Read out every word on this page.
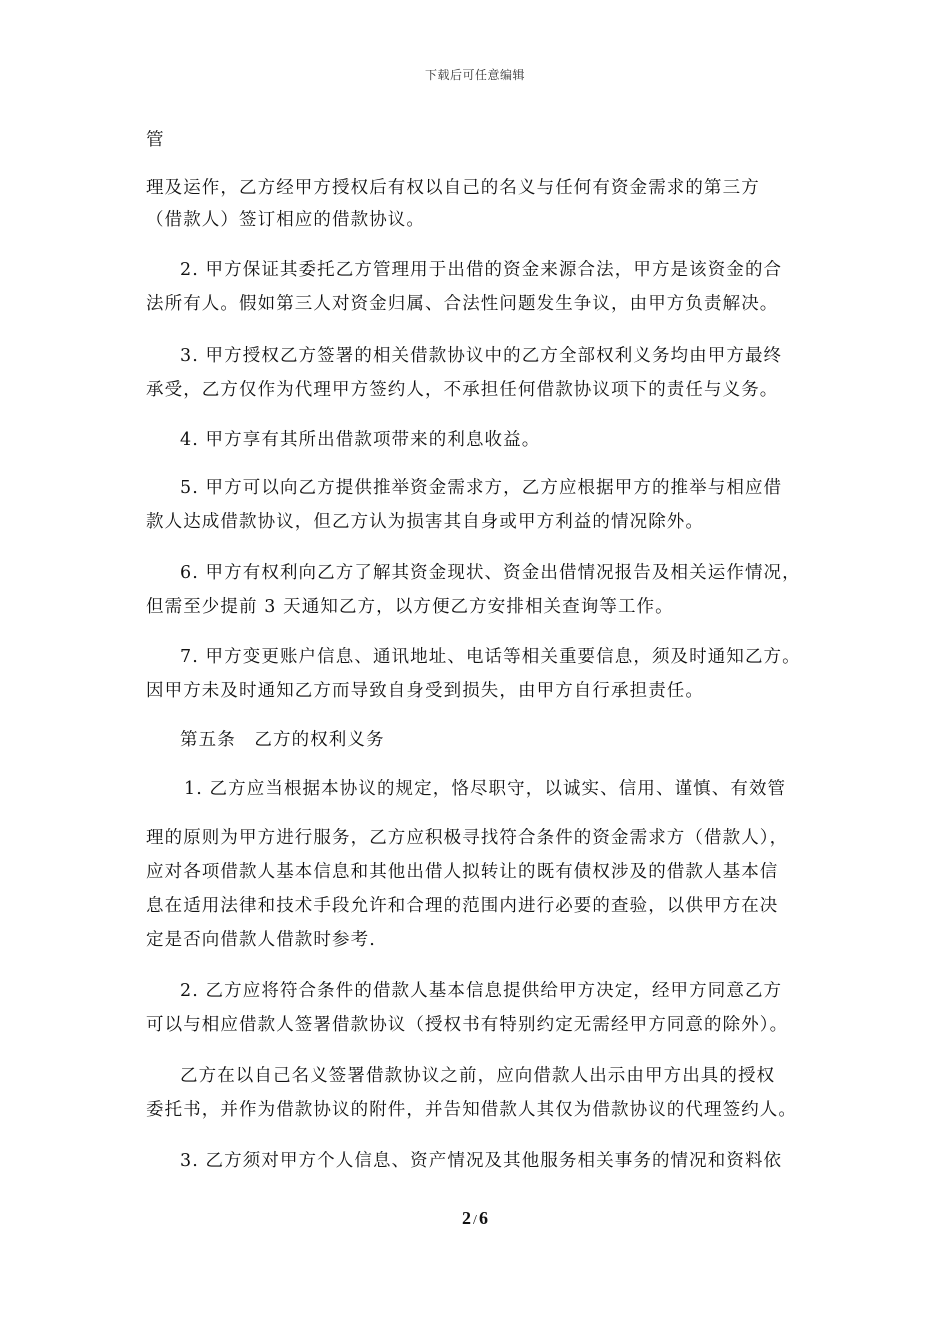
下载后可任意编辑
管
理及运作，乙方经甲方授权后有权以自己的名义与任何有资金需求的第三方
（借款人）签订相应的借款协议。
2. 甲方保证其委托乙方管理用于出借的资金来源合法，甲方是该资金的合
法所有人。假如第三人对资金归属、合法性问题发生争议，由甲方负责解决。
3. 甲方授权乙方签署的相关借款协议中的乙方全部权利义务均由甲方最终
承受，乙方仅作为代理甲方签约人，不承担任何借款协议项下的责任与义务。
4. 甲方享有其所出借款项带来的利息收益。
5. 甲方可以向乙方提供推举资金需求方，乙方应根据甲方的推举与相应借
款人达成借款协议，但乙方认为损害其自身或甲方利益的情况除外。
6. 甲方有权利向乙方了解其资金现状、资金出借情况报告及相关运作情况，
但需至少提前 3 天通知乙方，以方便乙方安排相关查询等工作。
7. 甲方变更账户信息、通讯地址、电话等相关重要信息，须及时通知乙方。
因甲方未及时通知乙方而导致自身受到损失，由甲方自行承担责任。
第五条　乙方的权利义务
1. 乙方应当根据本协议的规定，恪尽职守，以诚实、信用、谨慎、有效管
理的原则为甲方进行服务，乙方应积极寻找符合条件的资金需求方（借款人），
应对各项借款人基本信息和其他出借人拟转让的既有债权涉及的借款人基本信
息在适用法律和技术手段允许和合理的范围内进行必要的查验，以供甲方在决
定是否向借款人借款时参考.
2. 乙方应将符合条件的借款人基本信息提供给甲方决定，经甲方同意乙方
可以与相应借款人签署借款协议（授权书有特别约定无需经甲方同意的除外）。
乙方在以自己名义签署借款协议之前，应向借款人出示由甲方出具的授权
委托书，并作为借款协议的附件，并告知借款人其仅为借款协议的代理签约人。
3. 乙方须对甲方个人信息、资产情况及其他服务相关事务的情况和资料依
2 / 6
